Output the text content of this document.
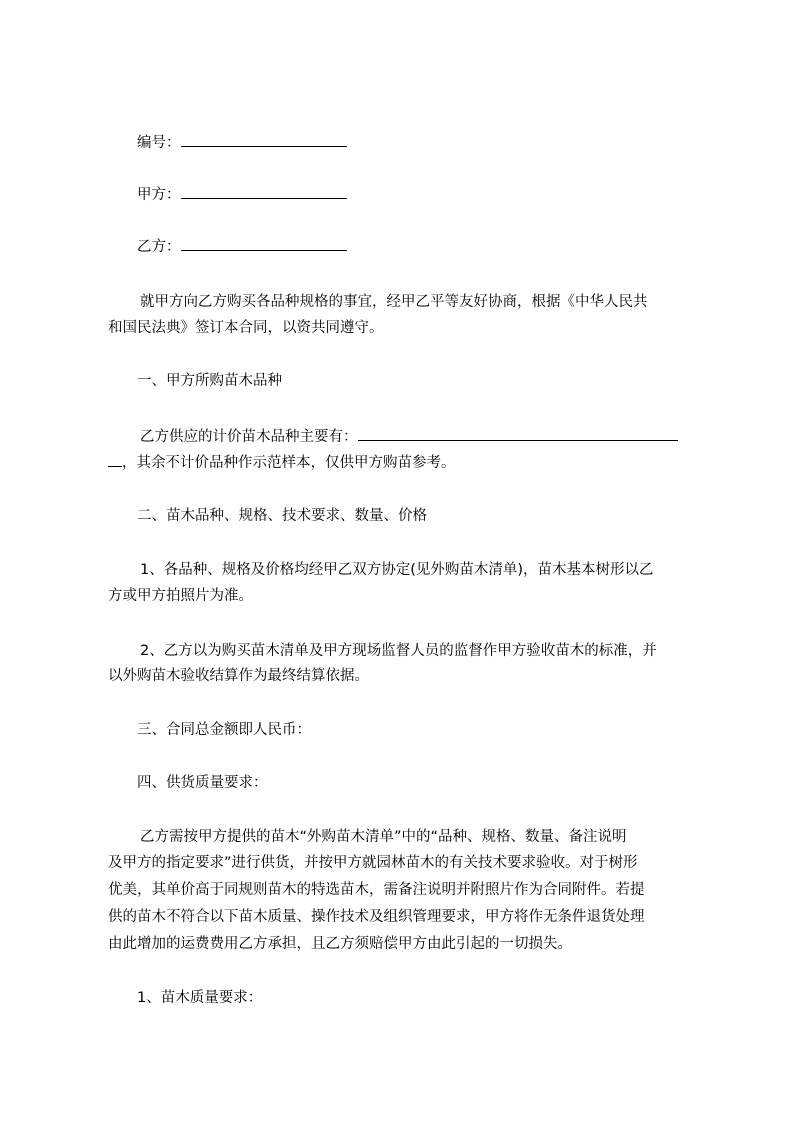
编号：
甲方：
乙方：
就甲方向乙方购买各品种规格的事宜，经甲乙平等友好协商，根据《中华人民共
和国民法典》签订本合同，以资共同遵守。
一、甲方所购苗木品种
乙方供应的计价苗木品种主要有：
，其余不计价品种作示范样本，仅供甲方购苗参考。
二、苗木品种、规格、技术要求、数量、价格
1、各品种、规格及价格均经甲乙双方协定(见外购苗木清单)，苗木基本树形以乙
方或甲方拍照片为准。
2、乙方以为购买苗木清单及甲方现场监督人员的监督作甲方验收苗木的标准，并
以外购苗木验收结算作为最终结算依据。
三、合同总金额即人民币：
四、供货质量要求：
乙方需按甲方提供的苗木“外购苗木清单”中的“品种、规格、数量、备注说明
及甲方的指定要求”进行供货，并按甲方就园林苗木的有关技术要求验收。对于树形
优美，其单价高于同规则苗木的特选苗木，需备注说明并附照片作为合同附件。若提
供的苗木不符合以下苗木质量、操作技术及组织管理要求，甲方将作无条件退货处理
由此增加的运费费用乙方承担，且乙方须赔偿甲方由此引起的一切损失。
1、苗木质量要求：
